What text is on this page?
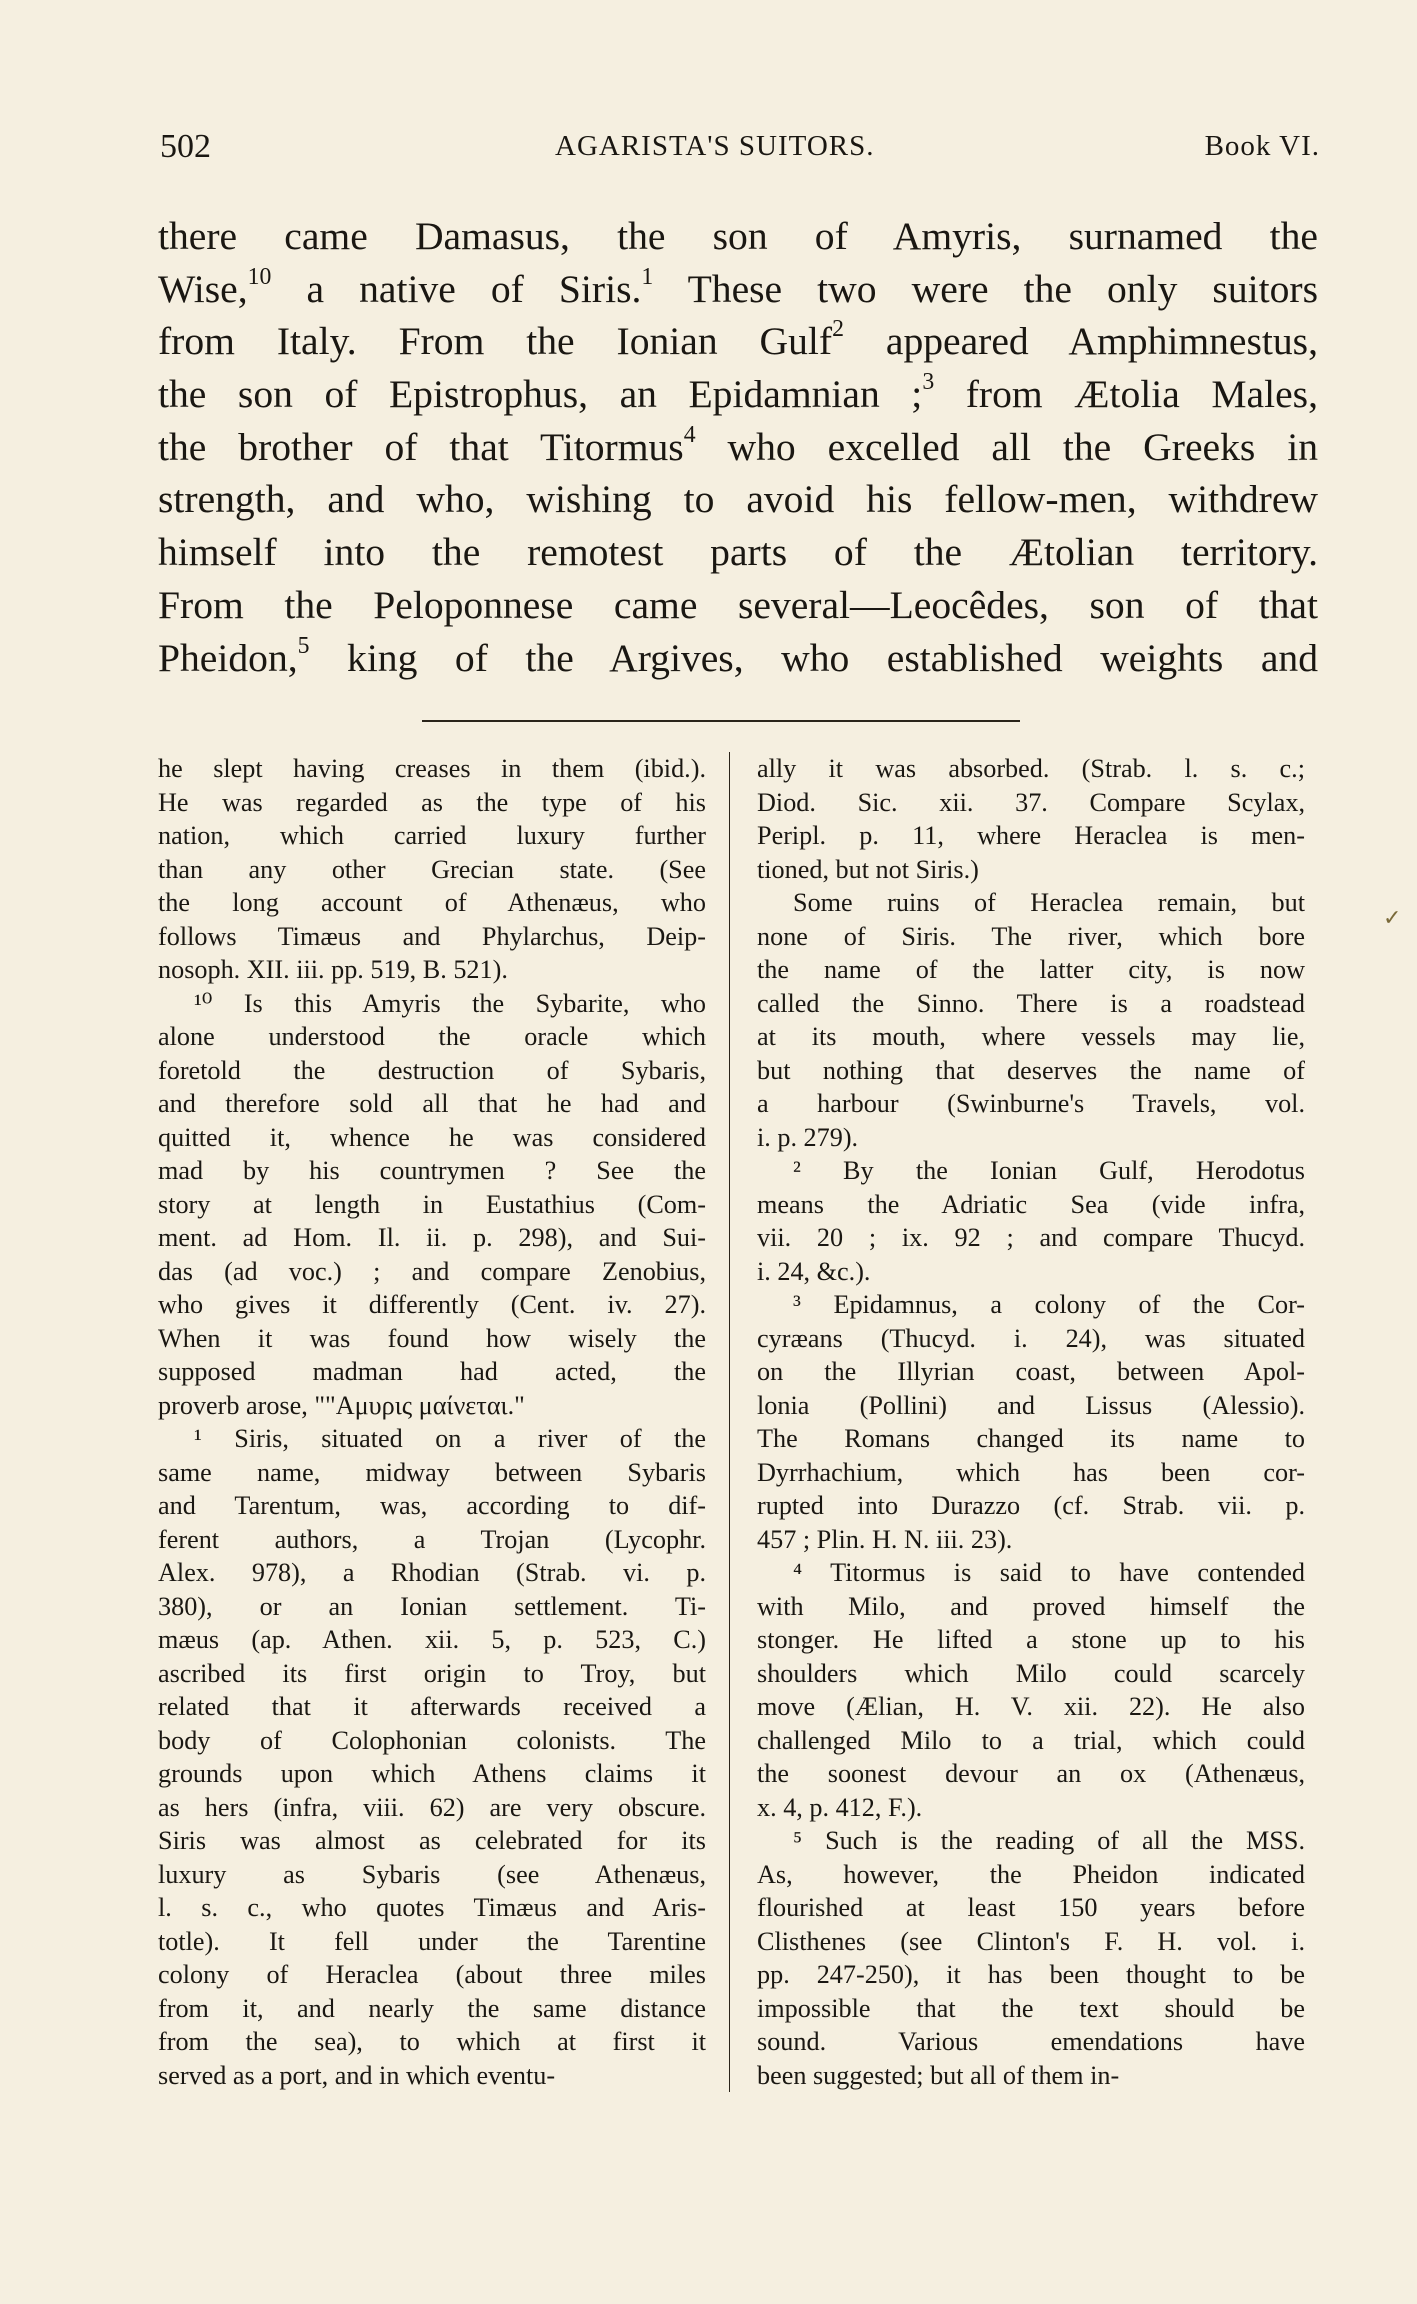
502	AGARISTA'S SUITORS.	Book VI.
there came Damasus, the son of Amyris, surnamed the
Wise,$^{10}$ a native of Siris.$^1$ These two were the only suitors
from Italy. From the Ionian Gulf$^2$ appeared Amphimnestus,
the son of Epistrophus, an Epidamnian ;$^3$ from Ætolia Males,
the brother of that Titormus$^4$ who excelled all the Greeks in
strength, and who, wishing to avoid his fellow-men, withdrew
himself into the remotest parts of the Ætolian territory.
From the Peloponnese came several—Leocêdes, son of that
Pheidon,$^5$ king of the Argives, who established weights and
he slept having creases in them (ibid.).
He was regarded as the type of his
nation, which carried luxury further
than any other Grecian state. (See
the long account of Athenæus, who
follows Timæus and Phylarchus, Deip-
nosoph. XII. iii. pp. 519, B. 521).
¹⁰ Is this Amyris the Sybarite, who
alone understood the oracle which
foretold the destruction of Sybaris,
and therefore sold all that he had and
quitted it, whence he was considered
mad by his countrymen ? See the
story at length in Eustathius (Com-
ment. ad Hom. Il. ii. p. 298), and Sui-
das (ad voc.) ; and compare Zenobius,
who gives it differently (Cent. iv. 27).
When it was found how wisely the
supposed madman had acted, the
proverb arose, ""Αμυρις μαίνεται."
¹ Siris, situated on a river of the
same name, midway between Sybaris
and Tarentum, was, according to dif-
ferent authors, a Trojan (Lycophr.
Alex. 978), a Rhodian (Strab. vi. p.
380), or an Ionian settlement. Ti-
mæus (ap. Athen. xii. 5, p. 523, C.)
ascribed its first origin to Troy, but
related that it afterwards received a
body of Colophonian colonists. The
grounds upon which Athens claims it
as hers (infra, viii. 62) are very obscure.
Siris was almost as celebrated for its
luxury as Sybaris (see Athenæus,
l. s. c., who quotes Timæus and Aris-
totle). It fell under the Tarentine
colony of Heraclea (about three miles
from it, and nearly the same distance
from the sea), to which at first it
served as a port, and in which eventu-
ally it was absorbed. (Strab. l. s. c.;
Diod. Sic. xii. 37. Compare Scylax,
Peripl. p. 11, where Heraclea is men-
tioned, but not Siris.)
Some ruins of Heraclea remain, but
none of Siris. The river, which bore
the name of the latter city, is now
called the Sinno. There is a roadstead
at its mouth, where vessels may lie,
but nothing that deserves the name of
a harbour (Swinburne's Travels, vol.
i. p. 279).
² By the Ionian Gulf, Herodotus
means the Adriatic Sea (vide infra,
vii. 20 ; ix. 92 ; and compare Thucyd.
i. 24, &c.).
³ Epidamnus, a colony of the Cor-
cyræans (Thucyd. i. 24), was situated
on the Illyrian coast, between Apol-
lonia (Pollini) and Lissus (Alessio).
The Romans changed its name to
Dyrrhachium, which has been cor-
rupted into Durazzo (cf. Strab. vii. p.
457 ; Plin. H. N. iii. 23).
⁴ Titormus is said to have contended
with Milo, and proved himself the
stonger. He lifted a stone up to his
shoulders which Milo could scarcely
move (Ælian, H. V. xii. 22). He also
challenged Milo to a trial, which could
the soonest devour an ox (Athenæus,
x. 4, p. 412, F.).
⁵ Such is the reading of all the MSS.
As, however, the Pheidon indicated
flourished at least 150 years before
Clisthenes (see Clinton's F. H. vol. i.
pp. 247-250), it has been thought to be
impossible that the text should be
sound. Various emendations have
been suggested; but all of them in-
✓
